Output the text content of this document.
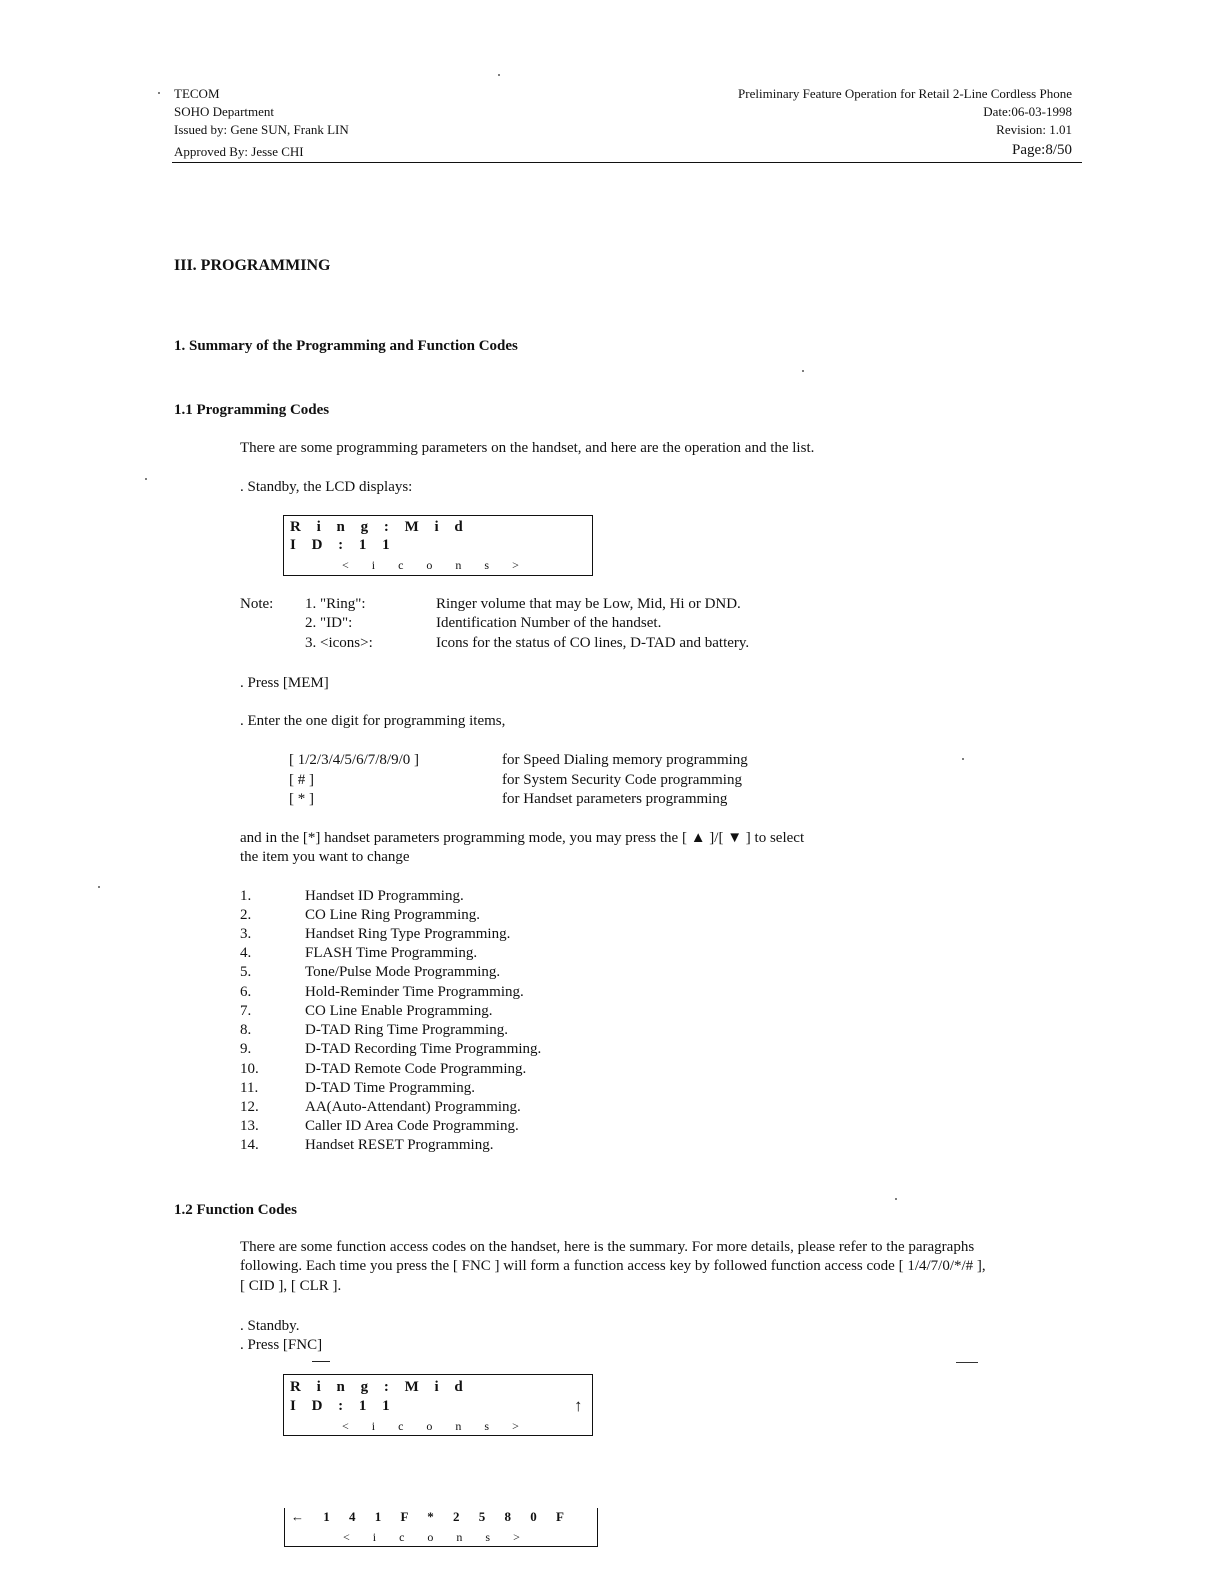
TECOM
SOHO Department
Issued by: Gene SUN, Frank LIN
Approved By: Jesse CHI
Preliminary Feature Operation for Retail 2-Line Cordless Phone
Date:06-03-1998
Revision: 1.01
Page:8/50
III. PROGRAMMING
1. Summary of the Programming and Function Codes
1.1 Programming Codes
There are some programming parameters on the handset, and here are the operation and the list.
. Standby, the LCD displays:
R i n g : M i d
I D : 1 1
< i c o n s >
Note: 1. "Ring":	Ringer volume that may be Low, Mid, Hi or DND.
2. "ID":	Identification Number of the handset.
3. <icons>:	Icons for the status of CO lines, D-TAD and battery.
. Press [MEM]
. Enter the one digit for programming items,
[ 1/2/3/4/5/6/7/8/9/0 ]	for Speed Dialing memory programming
[ # ]	for System Security Code programming
[ * ]	for Handset parameters programming
and in the [*] handset parameters programming mode, you may press the [ ▲ ]/[ ▼ ] to select
the item you want to change
1.	Handset ID Programming.
2.	CO Line Ring Programming.
3.	Handset Ring Type Programming.
4.	FLASH Time Programming.
5.	Tone/Pulse Mode Programming.
6.	Hold-Reminder Time Programming.
7.	CO Line Enable Programming.
8.	D-TAD Ring Time Programming.
9.	D-TAD Recording Time Programming.
10.	D-TAD Remote Code Programming.
11.	D-TAD Time Programming.
12.	AA(Auto-Attendant) Programming.
13.	Caller ID Area Code Programming.
14.	Handset RESET Programming.
1.2 Function Codes
There are some function access codes on the handset, here is the summary. For more details, please refer to the paragraphs
following. Each time you press the [ FNC ] will form a function access key by followed function access code [ 1/4/7/0/*/# ],
[ CID ], [ CLR ].
. Standby.
. Press [FNC]
R i n g : M i d
I D : 1 1
< i c o n s >
↑
← 1 4 1 F * 2 5 8 0 F
< i c o n s >
